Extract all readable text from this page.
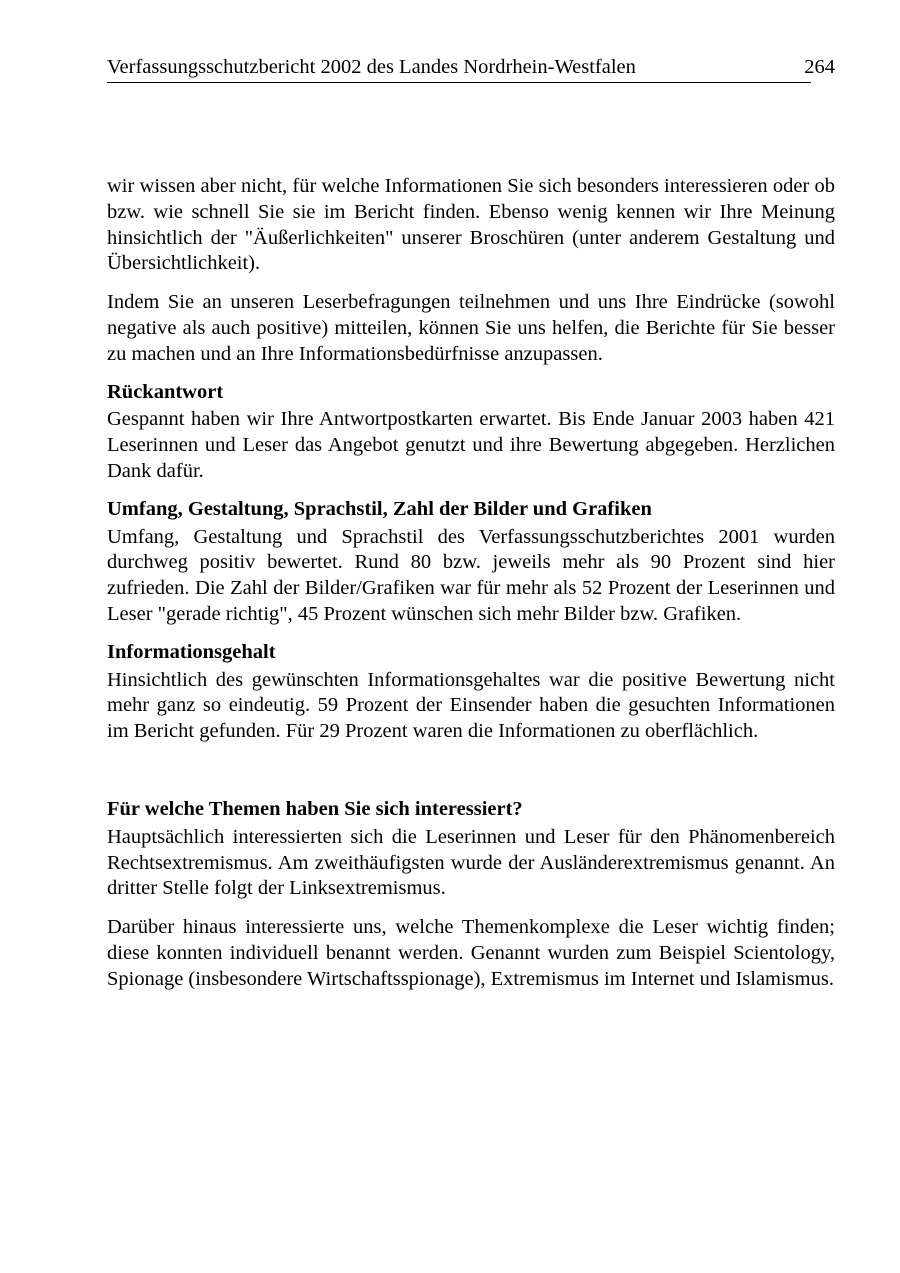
Verfassungsschutzbericht 2002 des Landes Nordrhein-Westfalen	264

wir wissen aber nicht, für welche Informationen Sie sich besonders interessieren oder ob bzw. wie schnell Sie sie im Bericht finden. Ebenso wenig kennen wir Ihre Meinung hinsichtlich der "Äußerlichkeiten" unserer Broschüren (unter anderem Gestaltung und Übersichtlichkeit).

Indem Sie an unseren Leserbefragungen teilnehmen und uns Ihre Eindrücke (sowohl negative als auch positive) mitteilen, können Sie uns helfen, die Berichte für Sie besser zu machen und an Ihre Informationsbedürfnisse anzupassen.

Rückantwort

Gespannt haben wir Ihre Antwortpostkarten erwartet. Bis Ende Januar 2003 haben 421 Leserinnen und Leser das Angebot genutzt und ihre Bewertung abgegeben. Herzlichen Dank dafür.

Umfang, Gestaltung, Sprachstil, Zahl der Bilder und Grafiken

Umfang, Gestaltung und Sprachstil des Verfassungsschutzberichtes 2001 wurden durchweg positiv bewertet. Rund 80 bzw. jeweils mehr als 90 Prozent sind hier zufrieden. Die Zahl der Bilder/Grafiken war für mehr als 52 Prozent der Leserinnen und Leser "gerade richtig", 45 Prozent wünschen sich mehr Bilder bzw. Grafiken.

Informationsgehalt

Hinsichtlich des gewünschten Informationsgehaltes war die positive Bewertung nicht mehr ganz so eindeutig. 59 Prozent der Einsender haben die gesuchten Informationen im Bericht gefunden. Für 29 Prozent waren die Informationen zu oberflächlich.

Für welche Themen haben Sie sich interessiert?

Hauptsächlich interessierten sich die Leserinnen und Leser für den Phänomenbereich Rechtsextremismus. Am zweithäufigsten wurde der Ausländerextremismus genannt. An dritter Stelle folgt der Linksextremismus.

Darüber hinaus interessierte uns, welche Themenkomplexe die Leser wichtig finden; diese konnten individuell benannt werden. Genannt wurden zum Beispiel Scientology, Spionage (insbesondere Wirtschaftsspionage), Extremismus im Internet und Islamismus.
